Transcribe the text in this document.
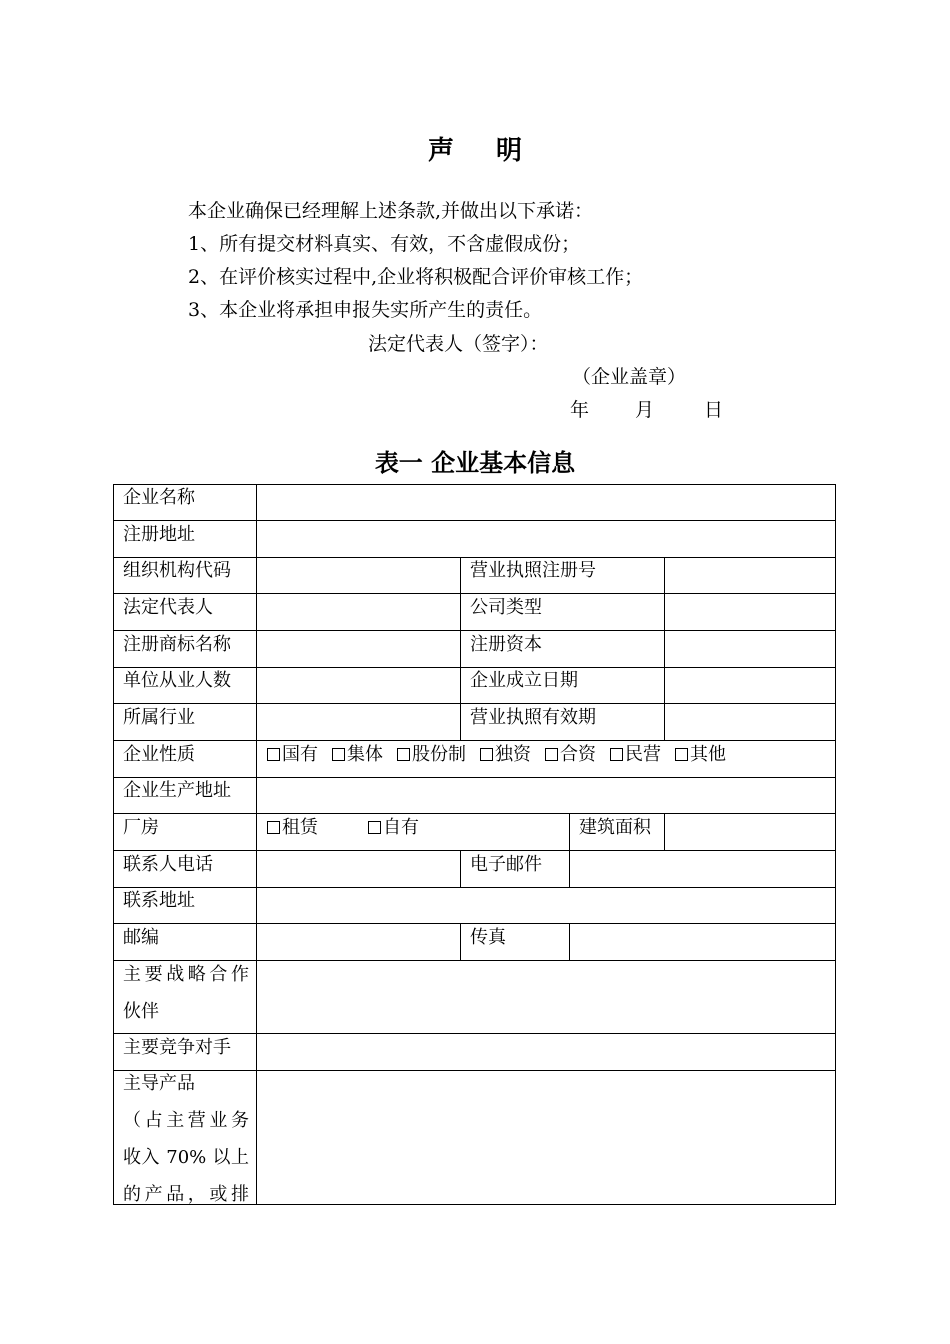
声 明
本企业确保已经理解上述条款,并做出以下承诺：
1、所有提交材料真实、有效，不含虚假成份；
2、在评价核实过程中,企业将积极配合评价审核工作；
3、本企业将承担申报失实所产生的责任。
法定代表人（签字）：
（企业盖章）
年 月	日
表一 企业基本信息
企业名称
注册地址
组织机构代码
法定代表人
注册商标名称
单位从业人数
所属行业
企业性质
企业生产地址
厂房
联系人电话
联系地址
邮编
主要战略合作
伙伴
主要竞争对手
主导产品
（占主营业务
收入 70% 以上
的产品，或排
营业执照注册号
公司类型
注册资本
企业成立日期
营业执照有效期
建筑面积
电子邮件
传真
国有 集体 股份制 独资 合资 民营 其他
租赁	自有
